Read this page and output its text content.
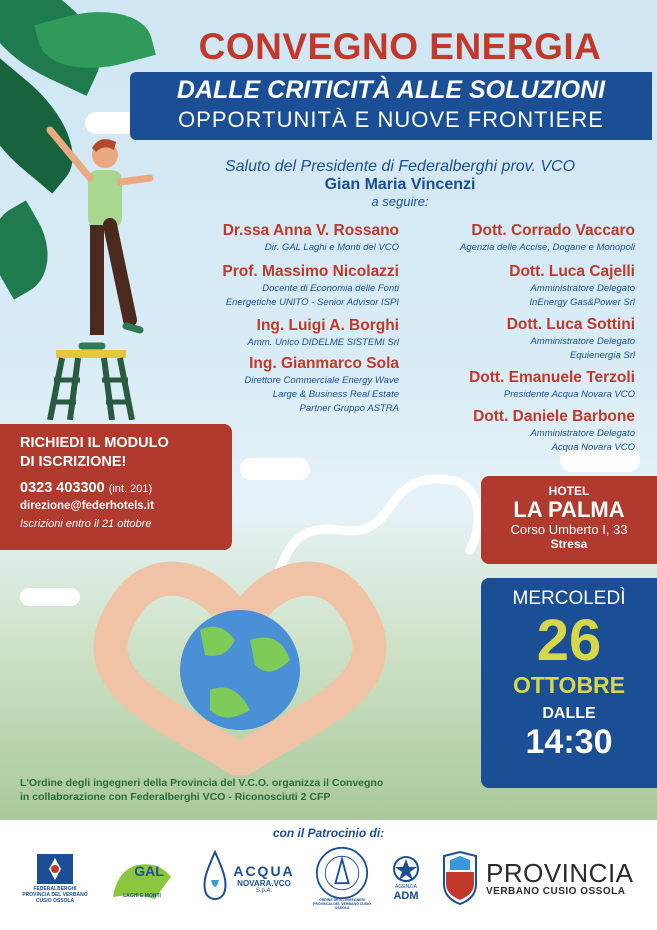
CONVEGNO ENERGIA
DALLE CRITICITÀ ALLE SOLUZIONI
OPPORTUNITÀ E NUOVE FRONTIERE
Saluto del Presidente di Federalberghi prov. VCO
Gian Maria Vincenzi
a seguire:
Dr.ssa Anna V. Rossano
Dir. GAL Laghi e Monti del VCO
Prof. Massimo Nicolazzi
Docente di Economia delle Fonti
Energetiche UNITO - Senior Advisor ISPI
Ing. Luigi A. Borghi
Amm. Unico DIDELME SISTEMI Srl
Ing. Gianmarco Sola
Direttore Commerciale Energy Wave
Large & Business Real Estate
Partner Gruppo ASTRA
Dott. Corrado Vaccaro
Agenzia delle Accise, Dogane e Monopoli
Dott. Luca Cajelli
Amministratore Delegato
InEnergy Gas&Power Srl
Dott. Luca Sottini
Amministratore Delegato
Equienergia Srl
Dott. Emanuele Terzoli
Presidente Acqua Novara VCO
Dott. Daniele Barbone
Amministratore Delegato
Acqua Novara VCO
RICHIEDI IL MODULO
DI ISCRIZIONE!
0323 403300 (int. 201)
direzione@federhotels.it
Iscrizioni entro il 21 ottobre
HOTEL
LA PALMA
Corso Umberto I, 33
Stresa
MERCOLEDÌ
26
OTTOBRE
DALLE
14:30
L'Ordine degli ingegneri della Provincia del V.C.O. organizza il Convegno
in collaborazione con Federalberghi VCO - Riconosciuti 2 CFP
con il Patrocinio di:
FEDERALBERGHI PROVINCIA DEL VERBANO CUSIO OSSOLA
GAL
LAGHI E MONTI
ACQUA
NOVARA.VCO
S.p.A.
ORDINE DEGLI INGEGNERI PROVINCIA DEL VERBANO CUSIO OSSOLA
AGENZIA
ADM
PROVINCIA
VERBANO CUSIO OSSOLA
